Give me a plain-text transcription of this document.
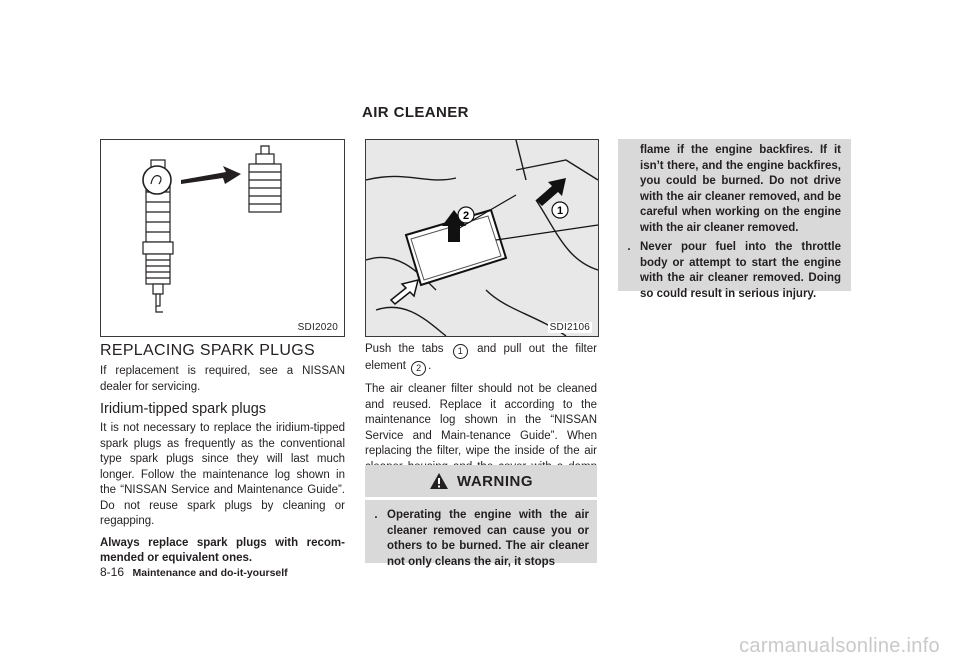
AIR CLEANER
SDI2020
2	1
SDI2106
REPLACING SPARK PLUGS
If replacement is required, see a NISSAN dealer for servicing.
Iridium-tipped spark plugs
It is not necessary to replace the iridium-tipped spark plugs as frequently as the conventional type spark plugs since they will last much longer. Follow the maintenance log shown in the “NISSAN Service and Maintenance Guide”. Do not reuse spark plugs by cleaning or regapping.
Always replace spark plugs with recom-mended or equivalent ones.
Push the tabs 1 and pull out the filter element 2 .
The air cleaner filter should not be cleaned and reused. Replace it according to the maintenance log shown in the “NISSAN Service and Main-tenance Guide”. When replacing the filter, wipe the inside of the air
WARNING
. Operating the engine with the air cleaner removed can cause you or others to be burned. The air cleaner not only cleans the air, it stops
flame if the engine backfires. If it isn’t there, and the engine backfires, you could be burned. Do not drive with the air cleaner removed, and be careful when working on the engine with the air cleaner removed.
. Never pour fuel into the throttle body or attempt to start the engine with the air cleaner removed. Doing so could result in serious injury.
8-16 Maintenance and do-it-yourself
carmanualsonline.info
